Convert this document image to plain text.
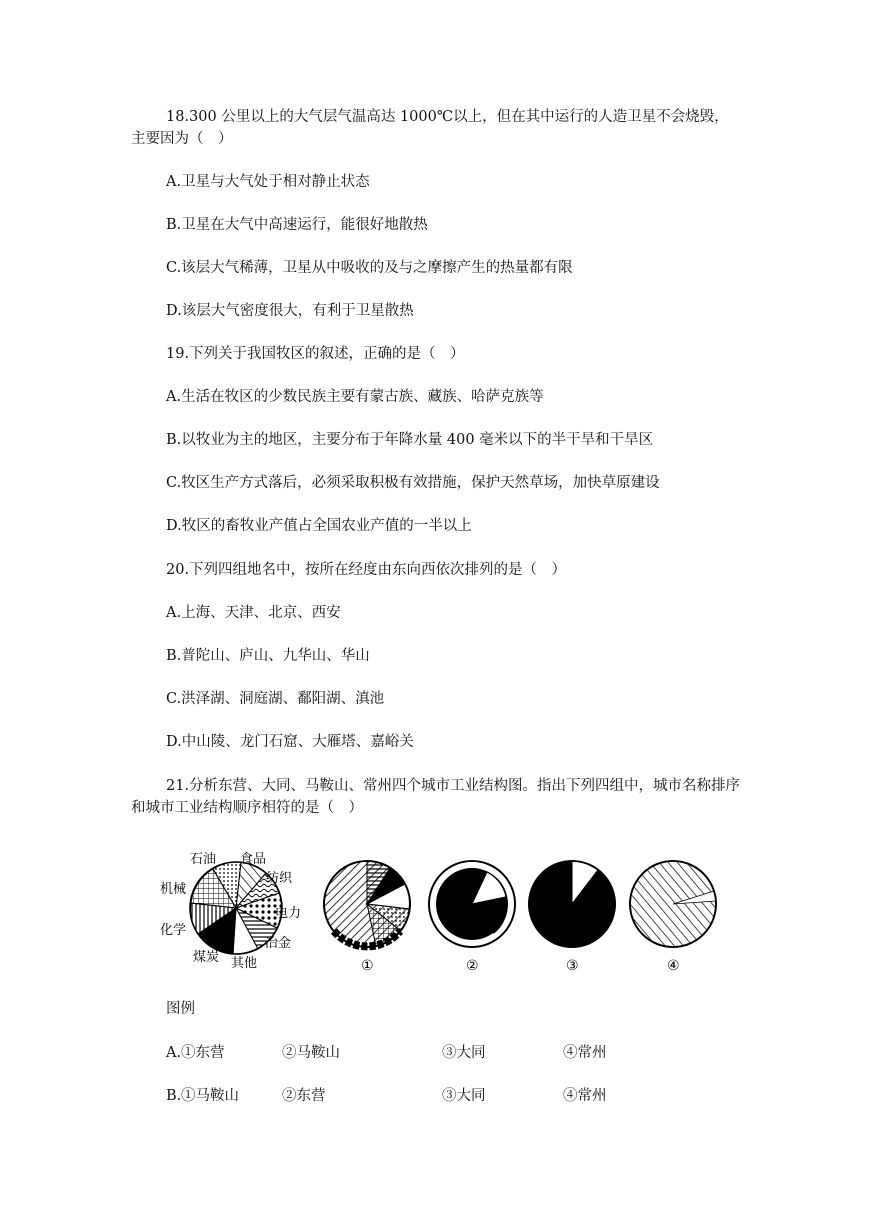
18.300 公里以上的大气层气温高达 1000℃以上，但在其中运行的人造卫星不会烧毁，主要因为（　）
A.卫星与大气处于相对静止状态
B.卫星在大气中高速运行，能很好地散热
C.该层大气稀薄，卫星从中吸收的及与之摩擦产生的热量都有限
D.该层大气密度很大，有利于卫星散热
19.下列关于我国牧区的叙述，正确的是（　）
A.生活在牧区的少数民族主要有蒙古族、藏族、哈萨克族等
B.以牧业为主的地区，主要分布于年降水量 400 毫米以下的半干旱和干旱区
C.牧区生产方式落后，必须采取积极有效措施，保护天然草场，加快草原建设
D.牧区的畜牧业产值占全国农业产值的一半以上
20.下列四组地名中，按所在经度由东向西依次排列的是（　）
A.上海、天津、北京、西安
B.普陀山、庐山、九华山、华山
C.洪泽湖、洞庭湖、鄱阳湖、滇池
D.中山陵、龙门石窟、大雁塔、嘉峪关
21.分析东营、大同、马鞍山、常州四个城市工业结构图。指出下列四组中，城市名称排序和城市工业结构顺序相符的是（　）
石油 食品
纺织
机械
电力
化学
冶金
煤炭 其他	①	②	③	④
图例
A. ①东营	②马鞍山	③大同	④常州
B. ①马鞍山	②东营	③大同	④常州
